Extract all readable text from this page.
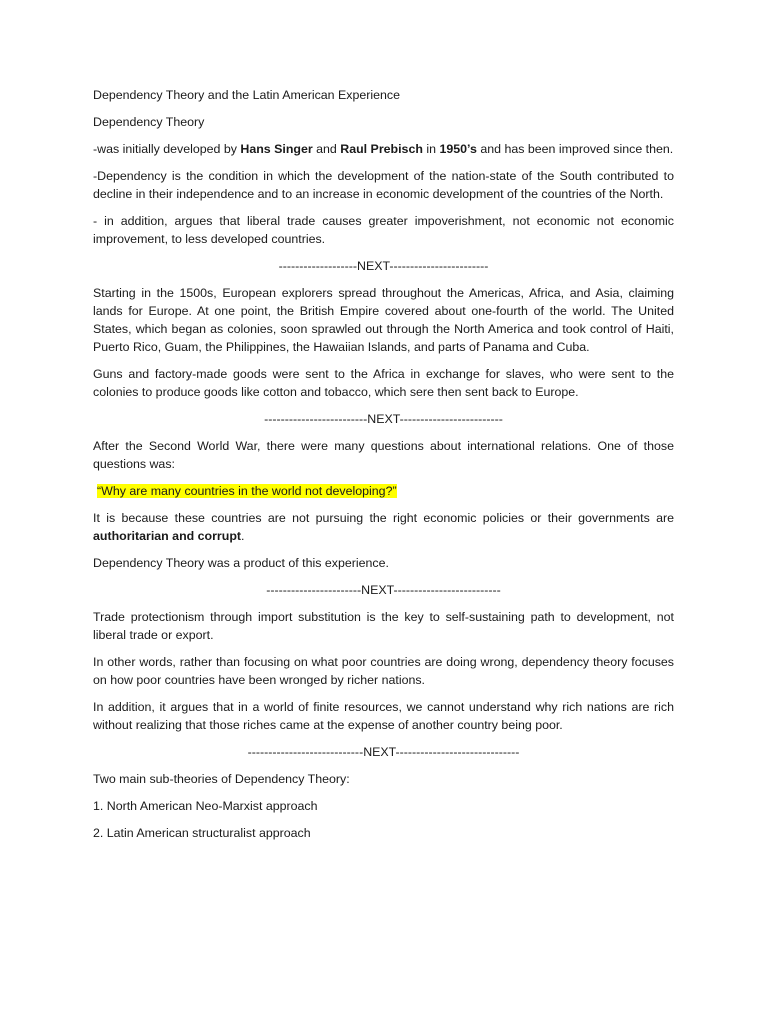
Dependency Theory and the Latin American Experience

Dependency Theory

-was initially developed by Hans Singer and Raul Prebisch in 1950’s and has been improved since then.

-Dependency is the condition in which the development of the nation-state of the South contributed to decline in their independence and to an increase in economic development of the countries of the North.

- in addition, argues that liberal trade causes greater impoverishment, not economic not economic improvement, to less developed countries.

-------------------NEXT------------------------

Starting in the 1500s, European explorers spread throughout the Americas, Africa, and Asia, claiming lands for Europe. At one point, the British Empire covered about one-fourth of the world. The United States, which began as colonies, soon sprawled out through the North America and took control of Haiti, Puerto Rico, Guam, the Philippines, the Hawaiian Islands, and parts of Panama and Cuba.

Guns and factory-made goods were sent to the Africa in exchange for slaves, who were sent to the colonies to produce goods like cotton and tobacco, which sere then sent back to Europe.

-------------------------NEXT-------------------------

After the Second World War, there were many questions about international relations. One of those questions was:

“Why are many countries in the world not developing?”

It is because these countries are not pursuing the right economic policies or their governments are authoritarian and corrupt.

Dependency Theory was a product of this experience.

-----------------------NEXT--------------------------

Trade protectionism through import substitution is the key to self-sustaining path to development, not liberal trade or export.

In other words, rather than focusing on what poor countries are doing wrong, dependency theory focuses on how poor countries have been wronged by richer nations.

In addition, it argues that in a world of finite resources, we cannot understand why rich nations are rich without realizing that those riches came at the expense of another country being poor.

----------------------------NEXT------------------------------

Two main sub-theories of Dependency Theory:

1. North American Neo-Marxist approach

2. Latin American structuralist approach
